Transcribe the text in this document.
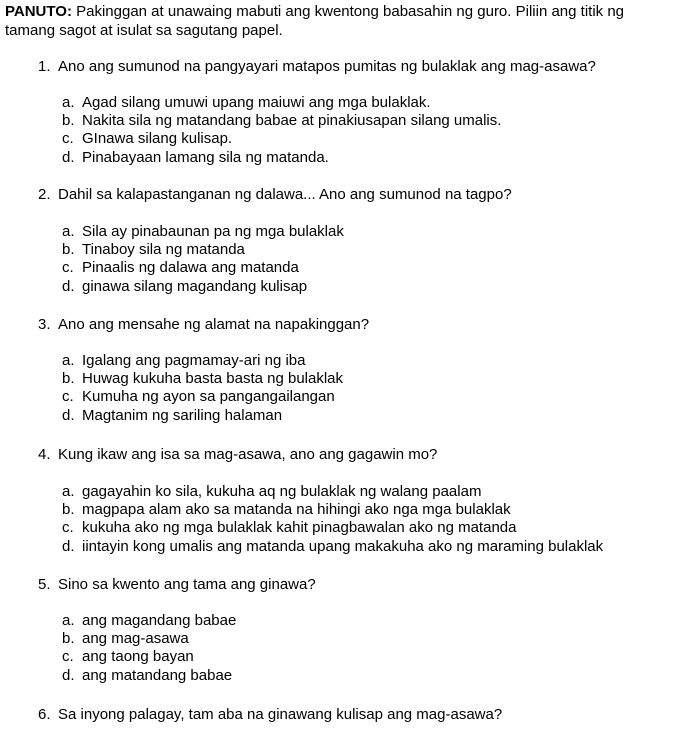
PANUTO: Pakinggan at unawaing mabuti ang kwentong babasahin ng guro. Piliin ang titik ng tamang sagot at isulat sa sagutang papel.
1. Ano ang sumunod na pangyayari matapos pumitas ng bulaklak ang mag-asawa?
a. Agad silang umuwi upang maiuwi ang mga bulaklak.
b. Nakita sila ng matandang babae at pinakiusapan silang umalis.
c. GInawa silang kulisap.
d. Pinabayaan lamang sila ng matanda.
2. Dahil sa kalapastanganan ng dalawa... Ano ang sumunod na tagpo?
a. Sila ay pinabaunan pa ng mga bulaklak
b. Tinaboy sila ng matanda
c. Pinaalis ng dalawa ang matanda
d. ginawa silang magandang kulisap
3. Ano ang mensahe ng alamat na napakinggan?
a. Igalang ang pagmamay-ari ng iba
b. Huwag kukuha basta basta ng bulaklak
c. Kumuha ng ayon sa pangangailangan
d. Magtanim ng sariling halaman
4. Kung ikaw ang isa sa mag-asawa, ano ang gagawin mo?
a. gagayahin ko sila, kukuha aq ng bulaklak ng walang paalam
b. magpapa alam ako sa matanda na hihingi ako nga mga bulaklak
c. kukuha ako ng mga bulaklak kahit pinagbawalan ako ng matanda
d. iintayin kong umalis ang matanda upang makakuha ako ng maraming bulaklak
5. Sino sa kwento ang tama ang ginawa?
a. ang magandang babae
b. ang mag-asawa
c. ang taong bayan
d. ang matandang babae
6. Sa inyong palagay, tam aba na ginawang kulisap ang mag-asawa?
